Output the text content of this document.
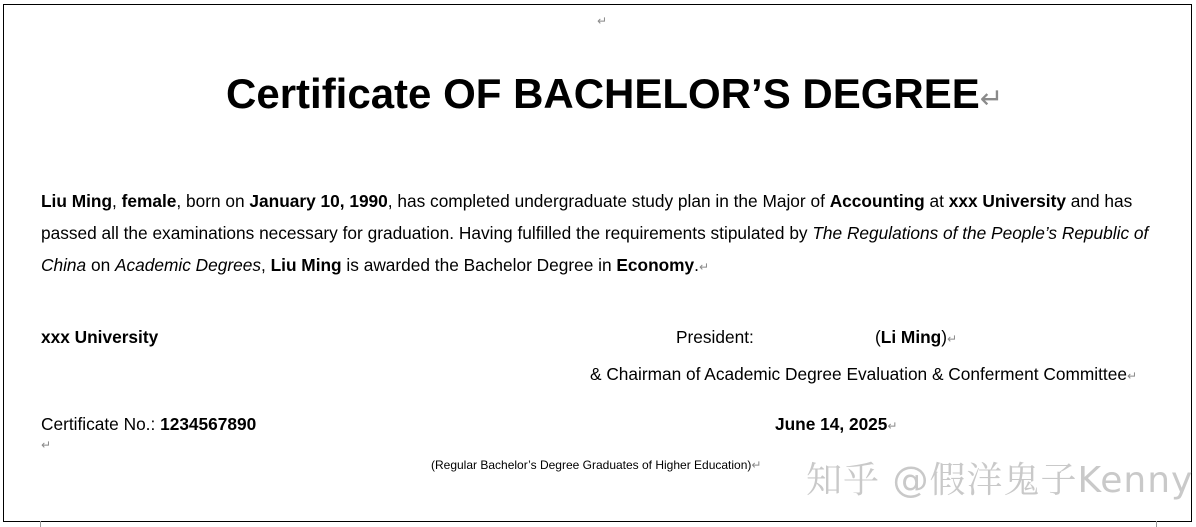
↵
Certificate OF BACHELOR’S DEGREE↵
Liu Ming, female, born on January 10, 1990, has completed undergraduate study plan in the Major of Accounting at xxx University and has passed all the examinations necessary for graduation. Having fulfilled the requirements stipulated by The Regulations of the People’s Republic of China on Academic Degrees, Liu Ming is awarded the Bachelor Degree in Economy.↵
xxx University	President:	(Li Ming)↵
& Chairman of Academic Degree Evaluation & Conferment Committee↵
Certificate No.: 1234567890
↵
June 14, 2025↵
(Regular Bachelor’s Degree Graduates of Higher Education)↵ 知乎 @假洋鬼子Kenny
